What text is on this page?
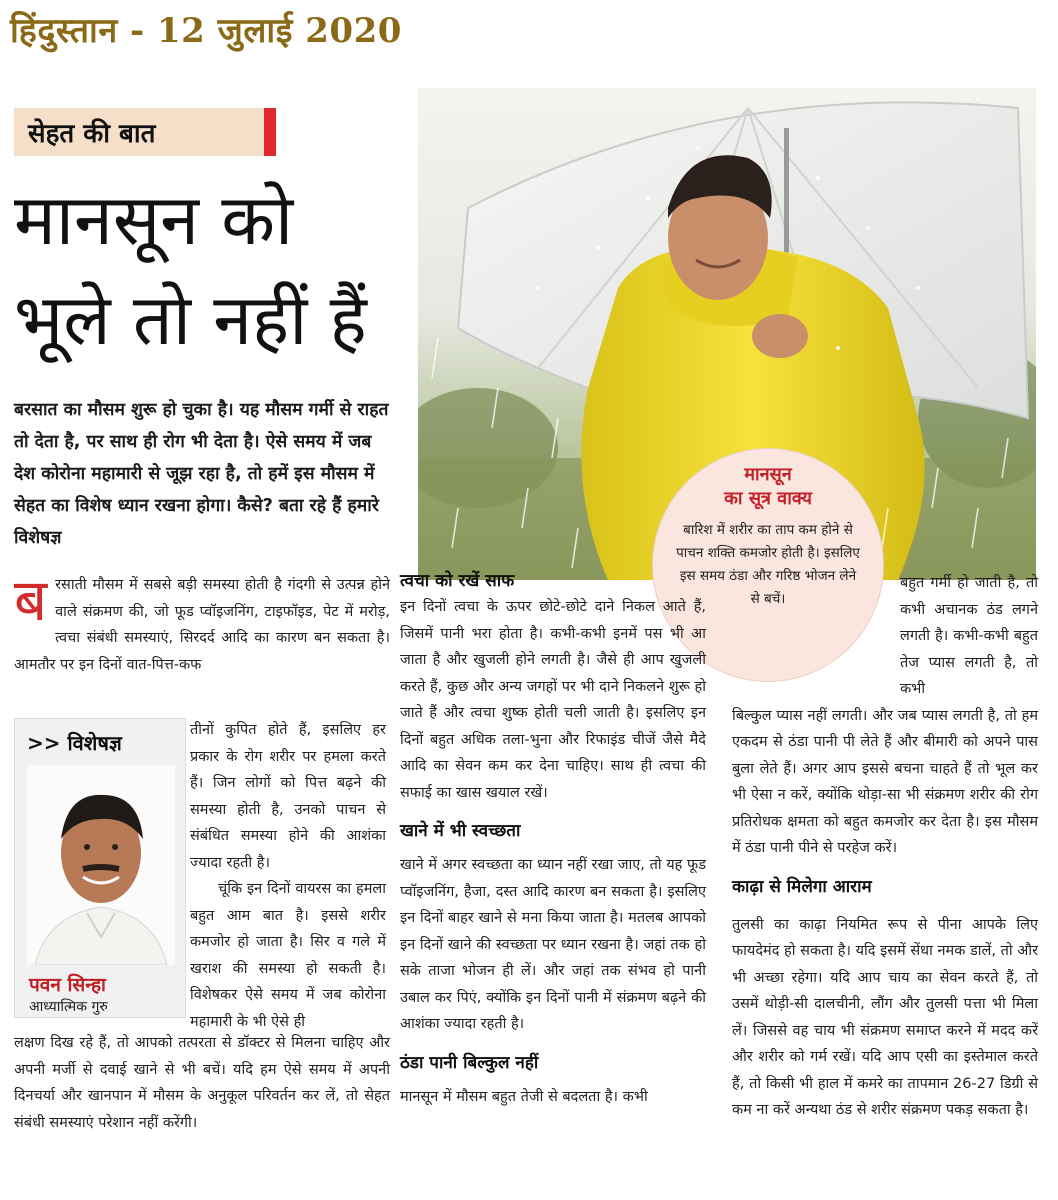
हिंदुस्तान - 12 जुलाई 2020
सेहत की बात
मानसून को
भूले तो नहीं हैं

बरसात का मौसम शुरू हो चुका है। यह मौसम गर्मी से राहत तो देता है, पर साथ ही रोग भी देता है। ऐसे समय में जब देश कोरोना महामारी से जूझ रहा है, तो हमें इस मौसम में सेहत का विशेष ध्यान रखना होगा। कैसे? बता रहे हैं हमारे विशेषज्ञ

मानसून
का सूत्र वाक्य

बारिश में शरीर का ताप कम होने से पाचन शक्ति कमजोर होती है। इसलिए इस समय ठंडा और गरिष्ठ भोजन लेने से बचें।

ब रसाती मौसम में सबसे बड़ी समस्या होती है गंदगी से उत्पन्न होने वाले संक्रमण की, जो फूड प्वॉइजनिंग, टाइफॉइड, पेट में मरोड़, त्वचा संबंधी समस्याएं, सिरदर्द आदि का कारण बन सकता है। आमतौर पर इन दिनों वात-पित्त-कफ
>> विशेषज्ञ
पवन सिन्हा
आध्यात्मिक गुरु

तीनों कुपित होते हैं, इसलिए हर प्रकार के रोग शरीर पर हमला करते हैं। जिन लोगों को पित्त बढ़ने की समस्या होती है, उनको पाचन से संबंधित समस्या होने की आशंका ज्यादा रहती है।

चूंकि इन दिनों वायरस का हमला बहुत आम बात है। इससे शरीर कमजोर हो जाता है। सिर व गले में खराश की समस्या हो सकती है। विशेषकर ऐसे समय में जब कोरोना महामारी के भी ऐसे ही

लक्षण दिख रहे हैं, तो आपको तत्परता से डॉक्टर से मिलना चाहिए और अपनी मर्जी से दवाई खाने से भी बचें। यदि हम ऐसे समय में अपनी दिनचर्या और खानपान में मौसम के अनुकूल परिवर्तन कर लें, तो सेहत संबंधी समस्याएं परेशान नहीं करेंगी।

त्वचा को रखें साफ

इन दिनों त्वचा के ऊपर छोटे-छोटे दाने निकल आते हैं, जिसमें पानी भरा होता है। कभी-कभी इनमें पस भी आ जाता है और खुजली होने लगती है। जैसे ही आप खुजली करते हैं, कुछ और अन्य जगहों पर भी दाने निकलने शुरू हो जाते हैं और त्वचा शुष्क होती चली जाती है। इसलिए इन दिनों बहुत अधिक तला-भुना और रिफाइंड चीजें जैसे मैदे आदि का सेवन कम कर देना चाहिए। साथ ही त्वचा की सफाई का खास खयाल रखें।

खाने में भी स्वच्छता

खाने में अगर स्वच्छता का ध्यान नहीं रखा जाए, तो यह फूड प्वॉइजनिंग, हैजा, दस्त आदि कारण बन सकता है। इसलिए इन दिनों बाहर खाने से मना किया जाता है। मतलब आपको इन दिनों खाने की स्वच्छता पर ध्यान रखना है। जहां तक हो सके ताजा भोजन ही लें। और जहां तक संभव हो पानी उबाल कर पिएं, क्योंकि इन दिनों पानी में संक्रमण बढ़ने की आशंका ज्यादा रहती है।

ठंडा पानी बिल्कुल नहीं

मानसून में मौसम बहुत तेजी से बदलता है। कभी

बहुत गर्मी हो जाती है, तो कभी अचानक ठंड लगने लगती है। कभी-कभी बहुत तेज प्यास लगती है, तो कभी

बिल्कुल प्यास नहीं लगती। और जब प्यास लगती है, तो हम एकदम से ठंडा पानी पी लेते हैं और बीमारी को अपने पास बुला लेते हैं। अगर आप इससे बचना चाहते हैं तो भूल कर भी ऐसा न करें, क्योंकि थोड़ा-सा भी संक्रमण शरीर की रोग प्रतिरोधक क्षमता को बहुत कमजोर कर देता है। इस मौसम में ठंडा पानी पीने से परहेज करें।

काढ़ा से मिलेगा आराम

तुलसी का काढ़ा नियमित रूप से पीना आपके लिए फायदेमंद हो सकता है। यदि इसमें सेंधा नमक डालें, तो और भी अच्छा रहेगा। यदि आप चाय का सेवन करते हैं, तो उसमें थोड़ी-सी दालचीनी, लौंग और तुलसी पत्ता भी मिला लें। जिससे वह चाय भी संक्रमण समाप्त करने में मदद करें और शरीर को गर्म रखें। यदि आप एसी का इस्तेमाल करते हैं, तो किसी भी हाल में कमरे का तापमान 26-27 डिग्री से कम ना करें अन्यथा ठंड से शरीर संक्रमण पकड़ सकता है।
